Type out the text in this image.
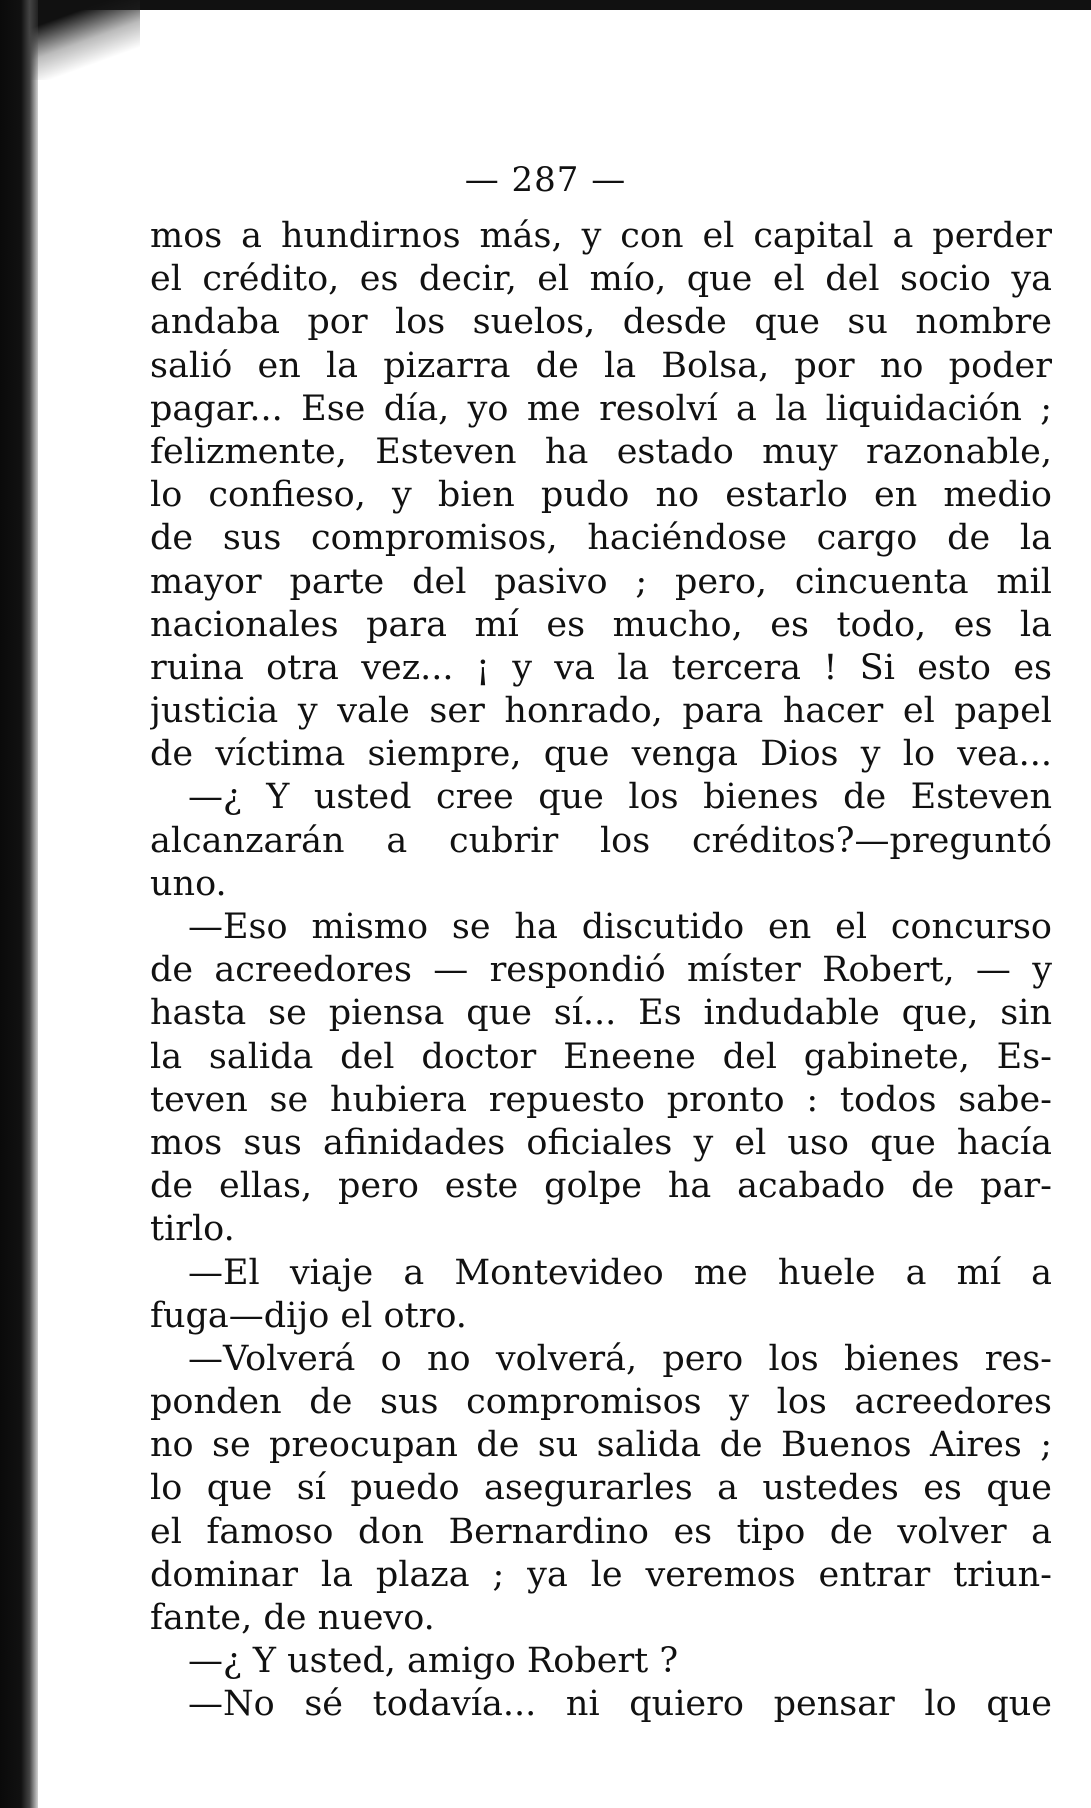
— 287 —
mos a hundirnos más, y con el capital a perder
el crédito, es decir, el mío, que el del socio ya
andaba por los suelos, desde que su nombre
salió en la pizarra de la Bolsa, por no poder
pagar... Ese día, yo me resolví a la liquidación ;
felizmente, Esteven ha estado muy razonable,
lo confieso, y bien pudo no estarlo en medio
de sus compromisos, haciéndose cargo de la
mayor parte del pasivo ; pero, cincuenta mil
nacionales para mí es mucho, es todo, es la
ruina otra vez... ¡ y va la tercera ! Si esto es
justicia y vale ser honrado, para hacer el papel
de víctima siempre, que venga Dios y lo vea...
—¿ Y usted cree que los bienes de Esteven
alcanzarán a cubrir los créditos?—preguntó
uno.
—Eso mismo se ha discutido en el concurso
de acreedores — respondió míster Robert, — y
hasta se piensa que sí... Es indudable que, sin
la salida del doctor Eneene del gabinete, Es-
teven se hubiera repuesto pronto : todos sabe-
mos sus afinidades oficiales y el uso que hacía
de ellas, pero este golpe ha acabado de par-
tirlo.
—El viaje a Montevideo me huele a mí a
fuga—dijo el otro.
—Volverá o no volverá, pero los bienes res-
ponden de sus compromisos y los acreedores
no se preocupan de su salida de Buenos Aires ;
lo que sí puedo asegurarles a ustedes es que
el famoso don Bernardino es tipo de volver a
dominar la plaza ; ya le veremos entrar triun-
fante, de nuevo.
—¿ Y usted, amigo Robert ?
—No sé todavía... ni quiero pensar lo que
